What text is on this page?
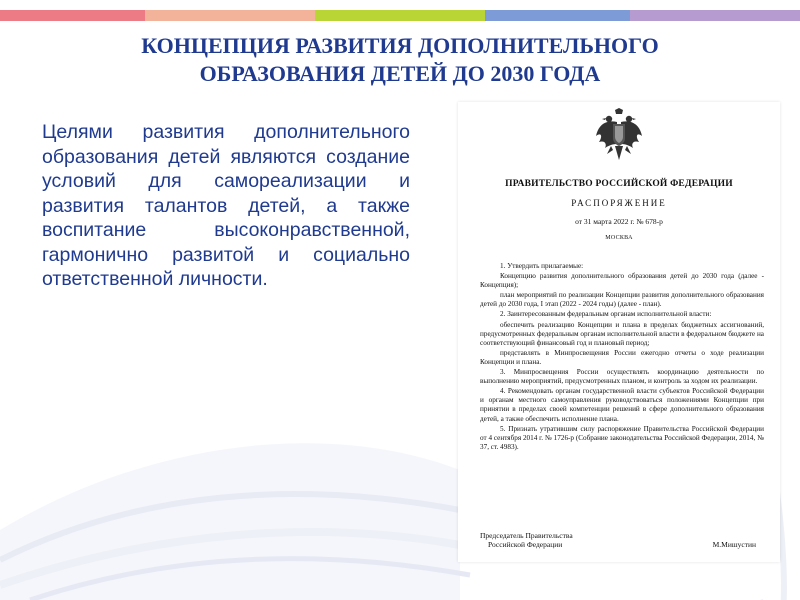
КОНЦЕПЦИЯ РАЗВИТИЯ ДОПОЛНИТЕЛЬНОГО
ОБРАЗОВАНИЯ ДЕТЕЙ ДО 2030 ГОДА
Целями развития дополнительного образования детей являются создание условий для самореализации и развития талантов детей, а также воспитание высоконравственной, гармонично развитой и социально ответственной личности.
ПРАВИТЕЛЬСТВО РОССИЙСКОЙ ФЕДЕРАЦИИ
РАСПОРЯЖЕНИЕ
от 31 марта 2022 г. № 678-р
МОСКВА

1. Утвердить прилагаемые:

Концепцию развития дополнительного образования детей до 2030 года (далее - Концепция);

план мероприятий по реализации Концепции развития дополнительного образования детей до 2030 года, I этап (2022 - 2024 годы) (далее - план).

2. Заинтересованным федеральным органам исполнительной власти:

обеспечить реализацию Концепции и плана в пределах бюджетных ассигнований, предусмотренных федеральным органам исполнительной власти в федеральном бюджете на соответствующий финансовый год и плановый период;

представлять в Минпросвещения России ежегодно отчеты о ходе реализации Концепции и плана.

3. Минпросвещения России осуществлять координацию деятельности по выполнению мероприятий, предусмотренных планом, и контроль за ходом их реализации.

4. Рекомендовать органам государственной власти субъектов Российской Федерации и органам местного самоуправления руководствоваться положениями Концепции при принятии в пределах своей компетенции решений в сфере дополнительного образования детей, а также обеспечить исполнение плана.

5. Признать утратившим силу распоряжение Правительства Российской Федерации от 4 сентября 2014 г. № 1726-р (Собрание законодательства Российской Федерации, 2014, № 37, ст. 4983).

Председатель Правительства
Российской Федерации	М.Мишустин
